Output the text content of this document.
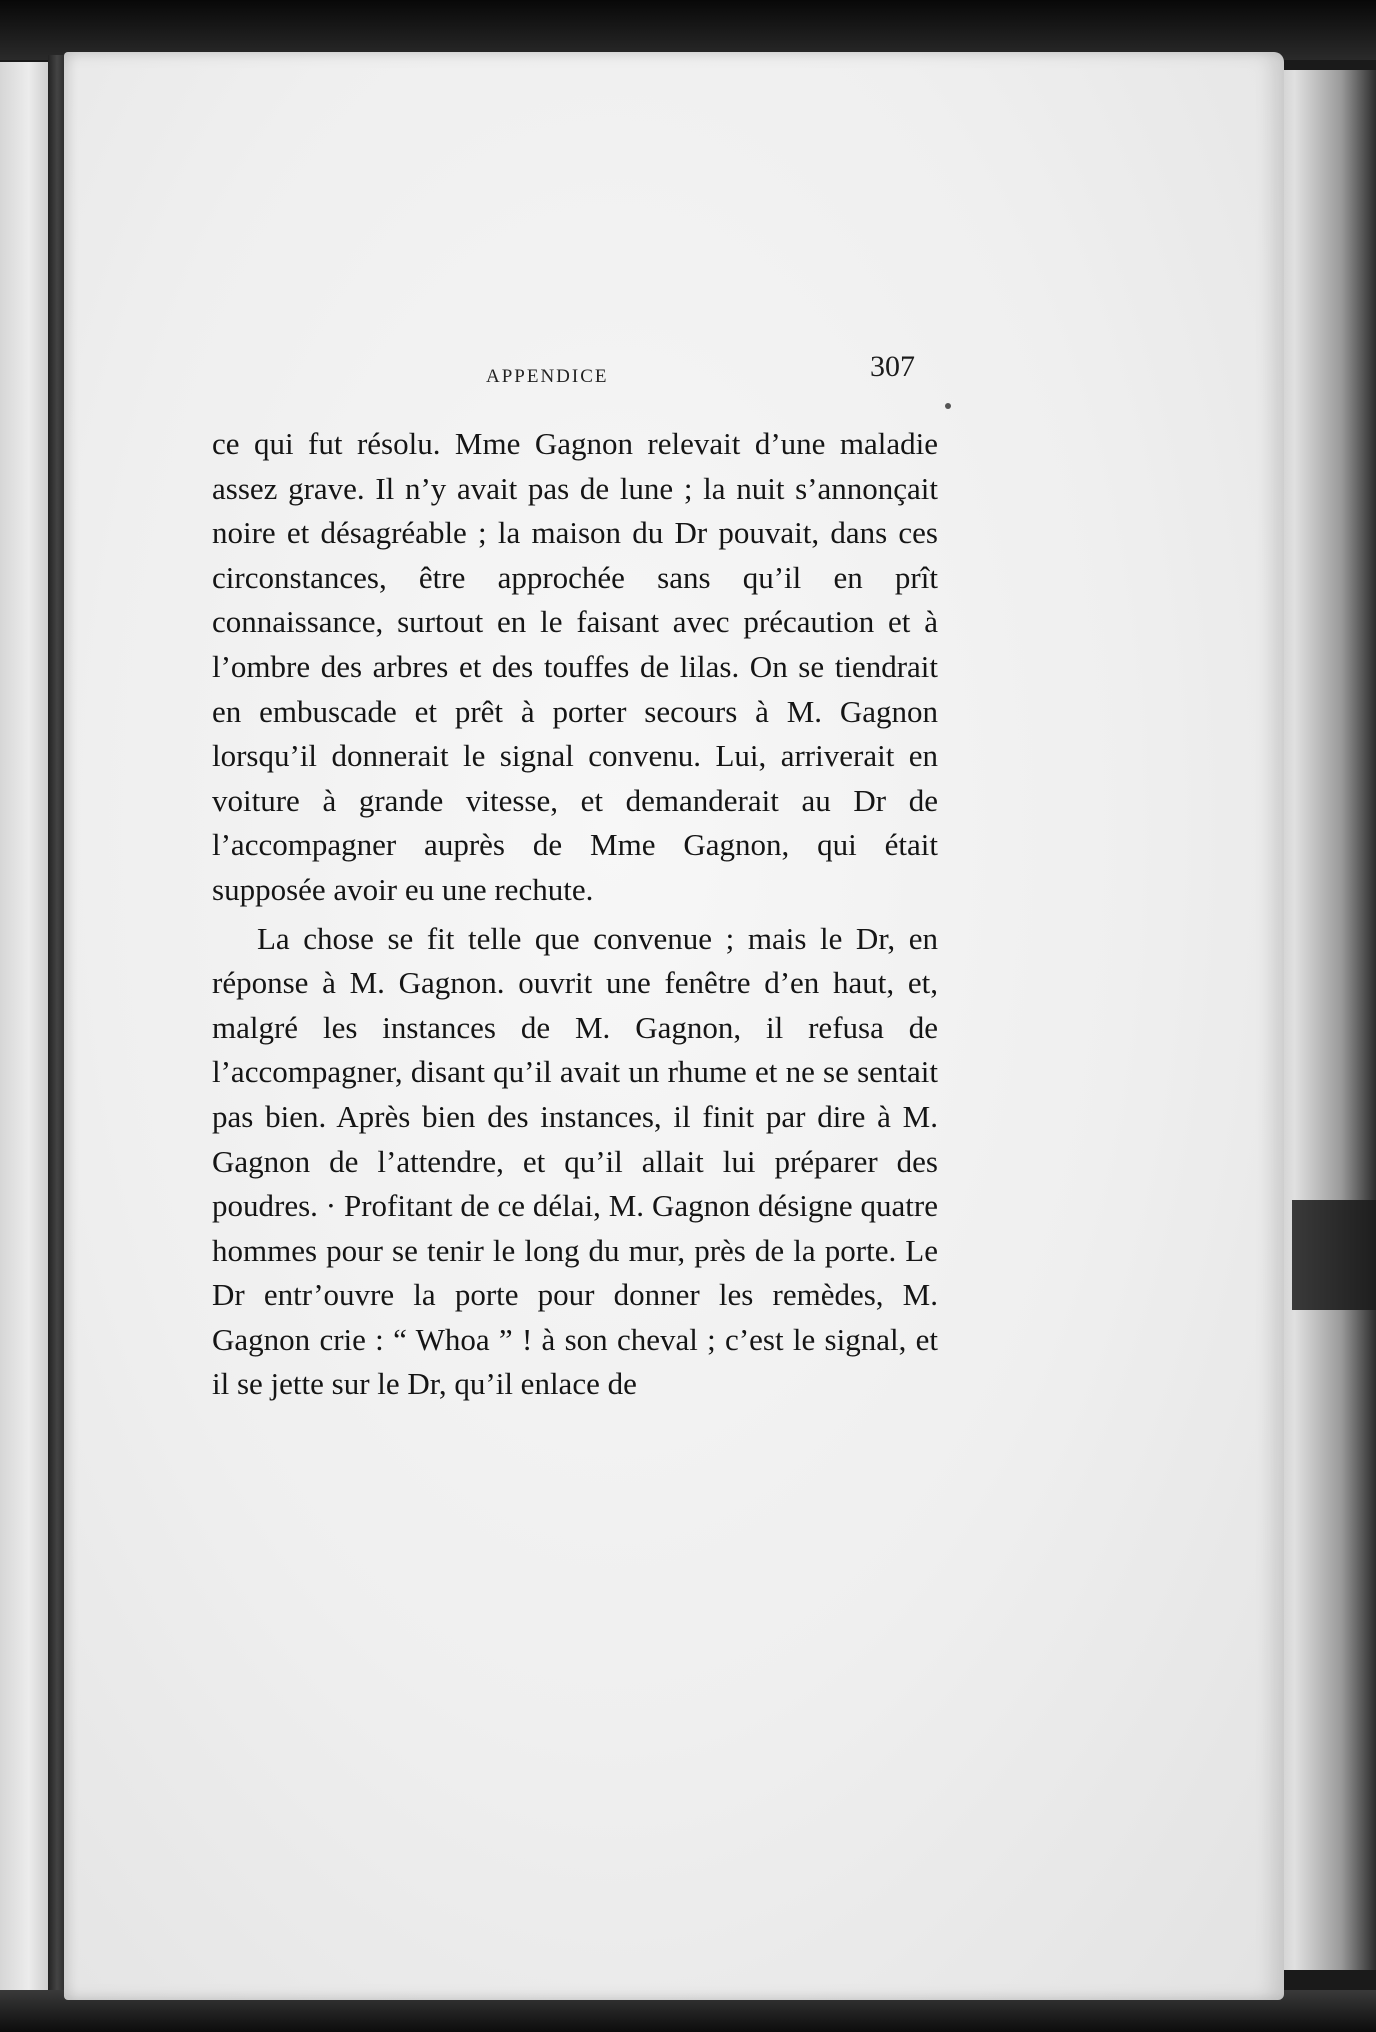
APPENDICE	307

ce qui fut résolu. Mme Gagnon relevait d’une maladie assez grave. Il n’y avait pas de lune ; la nuit s’annonçait noire et désagréable ; la maison du Dr pouvait, dans ces circonstances, être approchée sans qu’il en prît connaissance, surtout en le faisant avec précaution et à l’ombre des arbres et des touffes de lilas. On se tiendrait en embuscade et prêt à porter secours à M. Gagnon lorsqu’il donnerait le signal convenu. Lui, arriverait en voiture à grande vitesse, et demanderait au Dr de l’accompagner auprès de Mme Gagnon, qui était supposée avoir eu une rechute.

La chose se fit telle que convenue ; mais le Dr, en réponse à M. Gagnon. ouvrit une fenêtre d’en haut, et, malgré les instances de M. Gagnon, il refusa de l’accompagner, disant qu’il avait un rhume et ne se sentait pas bien. Après bien des instances, il finit par dire à M. Gagnon de l’attendre, et qu’il allait lui préparer des poudres. · Profitant de ce délai, M. Gagnon désigne quatre hommes pour se tenir le long du mur, près de la porte. Le Dr entr’ouvre la porte pour donner les remèdes, M. Gagnon crie : “ Whoa ” ! à son cheval ; c’est le signal, et il se jette sur le Dr, qu’il enlace de
